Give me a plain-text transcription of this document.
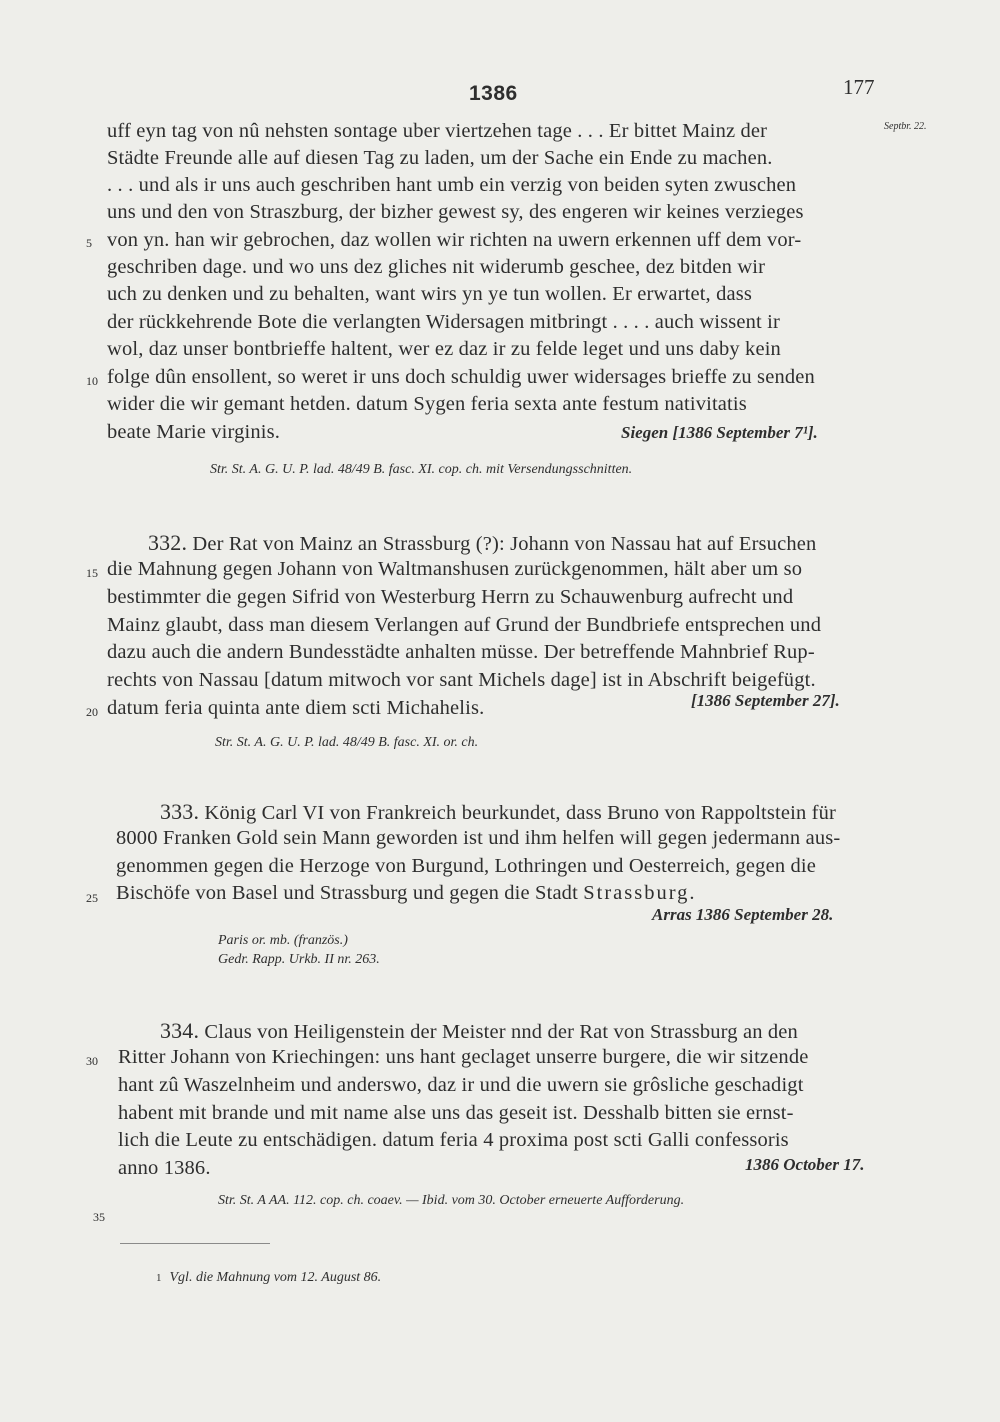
1386	177
Septbr. 22.
uff eyn tag von nû nehsten sontage uber viertzehen tage . . . Er bittet Mainz der
Städte Freunde alle auf diesen Tag zu laden, um der Sache ein Ende zu machen.
. . . und als ir uns auch geschriben hant umb ein verzig von beiden syten zwuschen
uns und den von Straszburg, der bizher gewest sy, des engeren wir keines verzieges
5 von yn. han wir gebrochen, daz wollen wir richten na uwern erkennen uff dem vor-
geschriben dage. und wo uns dez gliches nit widerumb geschee, dez bitden wir
uch zu denken und zu behalten, want wirs yn ye tun wollen. Er erwartet, dass
der rückkehrende Bote die verlangten Widersagen mitbringt . . . . auch wissent ir
wol, daz unser bontbrieffe haltent, wer ez daz ir zu felde leget und uns daby kein
10 folge dûn ensollent, so weret ir uns doch schuldig uwer widersages brieffe zu senden
wider die wir gemant hetden. datum Sygen feria sexta ante festum nativitatis
beate Marie virginis.	Siegen [1386 September 7¹].
Str. St. A. G. U. P. lad. 48/49 B. fasc. XI. cop. ch. mit Versendungsschnitten.
332. Der Rat von Mainz an Strassburg (?): Johann von Nassau hat auf Ersuchen
15 die Mahnung gegen Johann von Waltmanshusen zurückgenommen, hält aber um so
bestimmter die gegen Sifrid von Westerburg Herrn zu Schauwenburg aufrecht und
Mainz glaubt, dass man diesem Verlangen auf Grund der Bundbriefe entsprechen und
dazu auch die andern Bundesstädte anhalten müsse. Der betreffende Mahnbrief Rup-
rechts von Nassau [datum mitwoch vor sant Michels dage] ist in Abschrift beigefügt.
20 datum feria quinta ante diem scti Michahelis.	[1386 September 27].
Str. St. A. G. U. P. lad. 48/49 B. fasc. XI. or. ch.
333. König Carl VI von Frankreich beurkundet, dass Bruno von Rappoltstein für
8000 Franken Gold sein Mann geworden ist und ihm helfen will gegen jedermann aus-
genommen gegen die Herzoge von Burgund, Lothringen und Oesterreich, gegen die
25 Bischöfe von Basel und Strassburg und gegen die Stadt Strassburg.
Arras 1386 September 28.
Paris or. mb. (französ.)
Gedr. Rapp. Urkb. II nr. 263.
334. Claus von Heiligenstein der Meister nnd der Rat von Strassburg an den
30 Ritter Johann von Kriechingen: uns hant geclaget unserre burgere, die wir sitzende
hant zû Waszelnheim und anderswo, daz ir und die uwern sie grôsliche geschadigt
habent mit brande und mit name alse uns das geseit ist. Desshalb bitten sie ernst-
lich die Leute zu entschädigen. datum feria 4 proxima post scti Galli confessoris
anno 1386.	1386 October 17.
Str. St. A AA. 112. cop. ch. coaev. — Ibid. vom 30. October erneuerte Aufforderung.
35
1 Vgl. die Mahnung vom 12. August 86.
